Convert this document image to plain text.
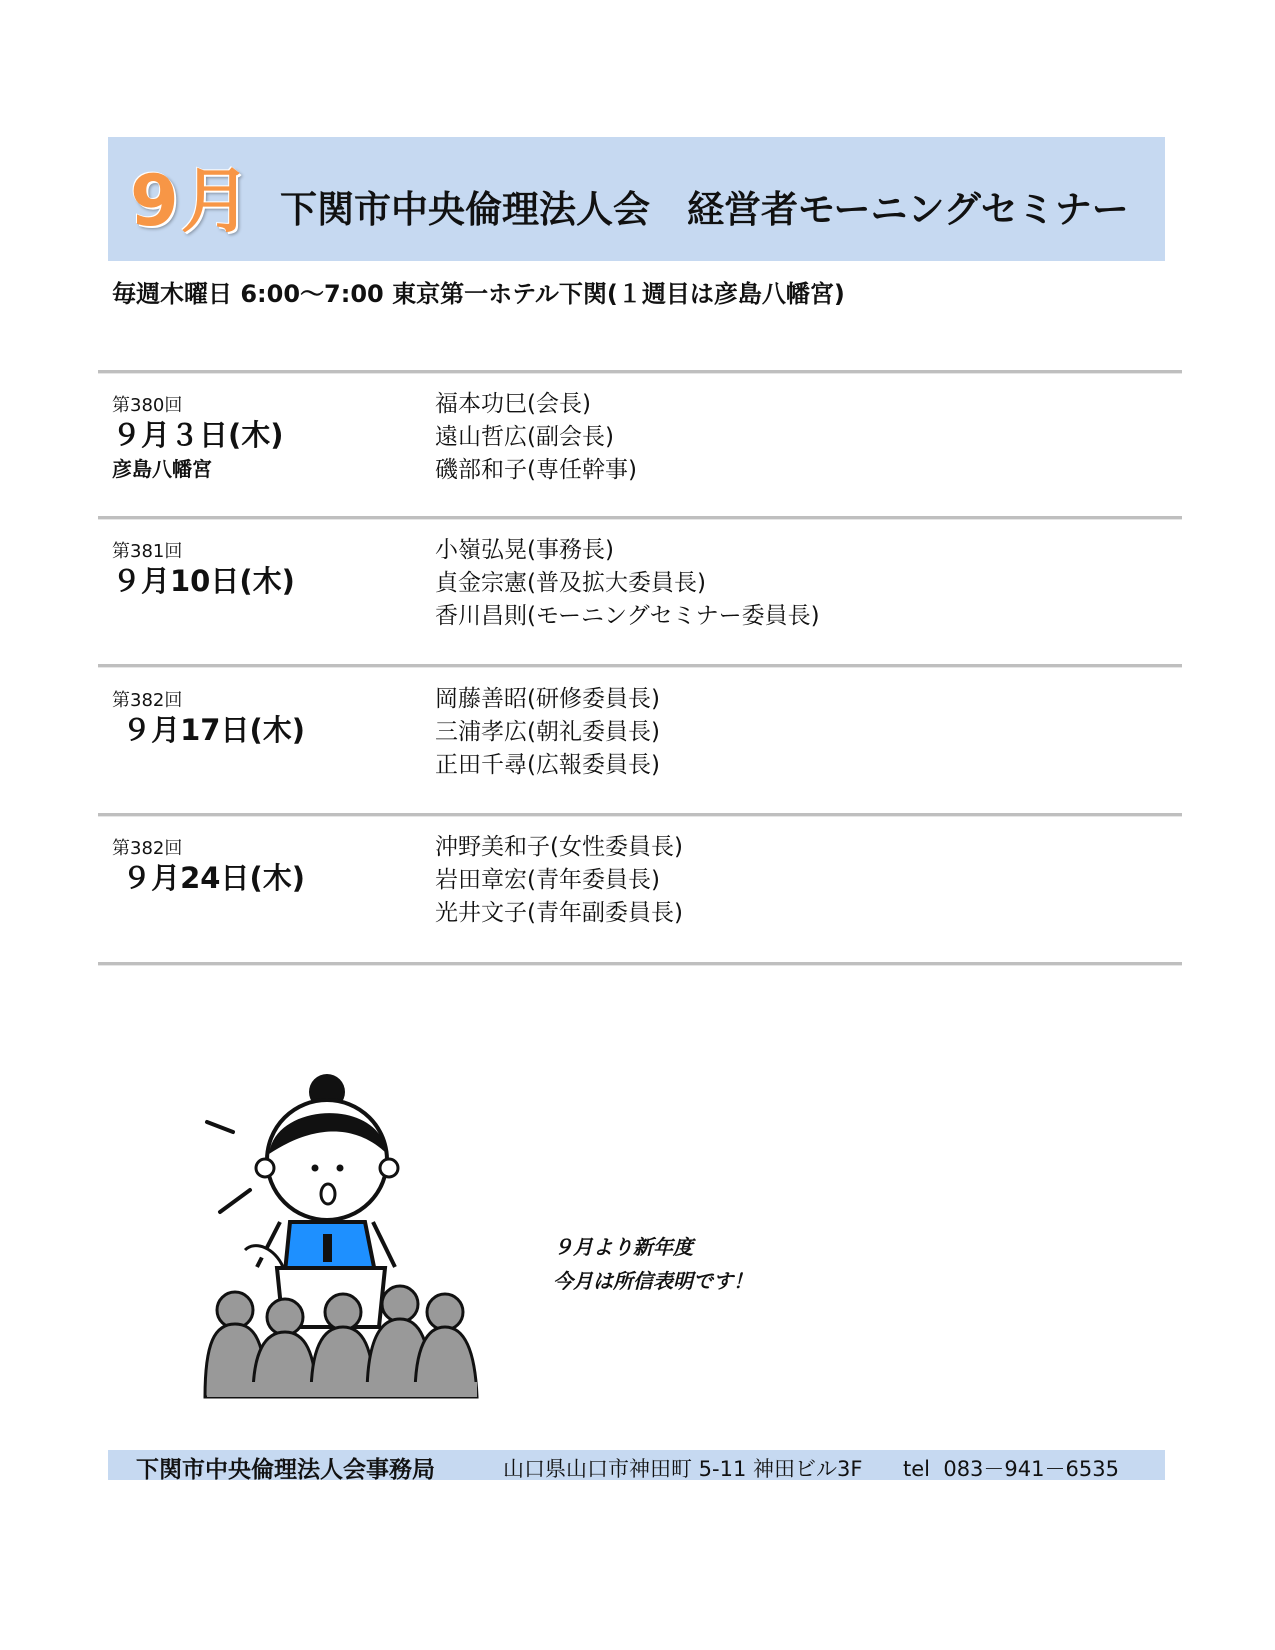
9月 下関市中央倫理法人会　経営者モーニングセミナー
毎週木曜日 6:00～7:00 東京第一ホテル下関(１週目は彦島八幡宮)
第380回
９月３日(木)
彦島八幡宮
福本功巳(会長)
遠山哲広(副会長)
磯部和子(専任幹事)
第381回
９月10日(木)
小嶺弘晃(事務長)
貞金宗憲(普及拡大委員長)
香川昌則(モーニングセミナー委員長)
第382回
９月17日(木)
岡藤善昭(研修委員長)
三浦孝広(朝礼委員長)
正田千尋(広報委員長)
第382回
９月24日(木)
沖野美和子(女性委員長)
岩田章宏(青年委員長)
光井文子(青年副委員長)
９月より新年度
今月は所信表明です！
下関市中央倫理法人会事務局	山口県山口市神田町 5-11 神田ビル3F tel  083－941－6535
